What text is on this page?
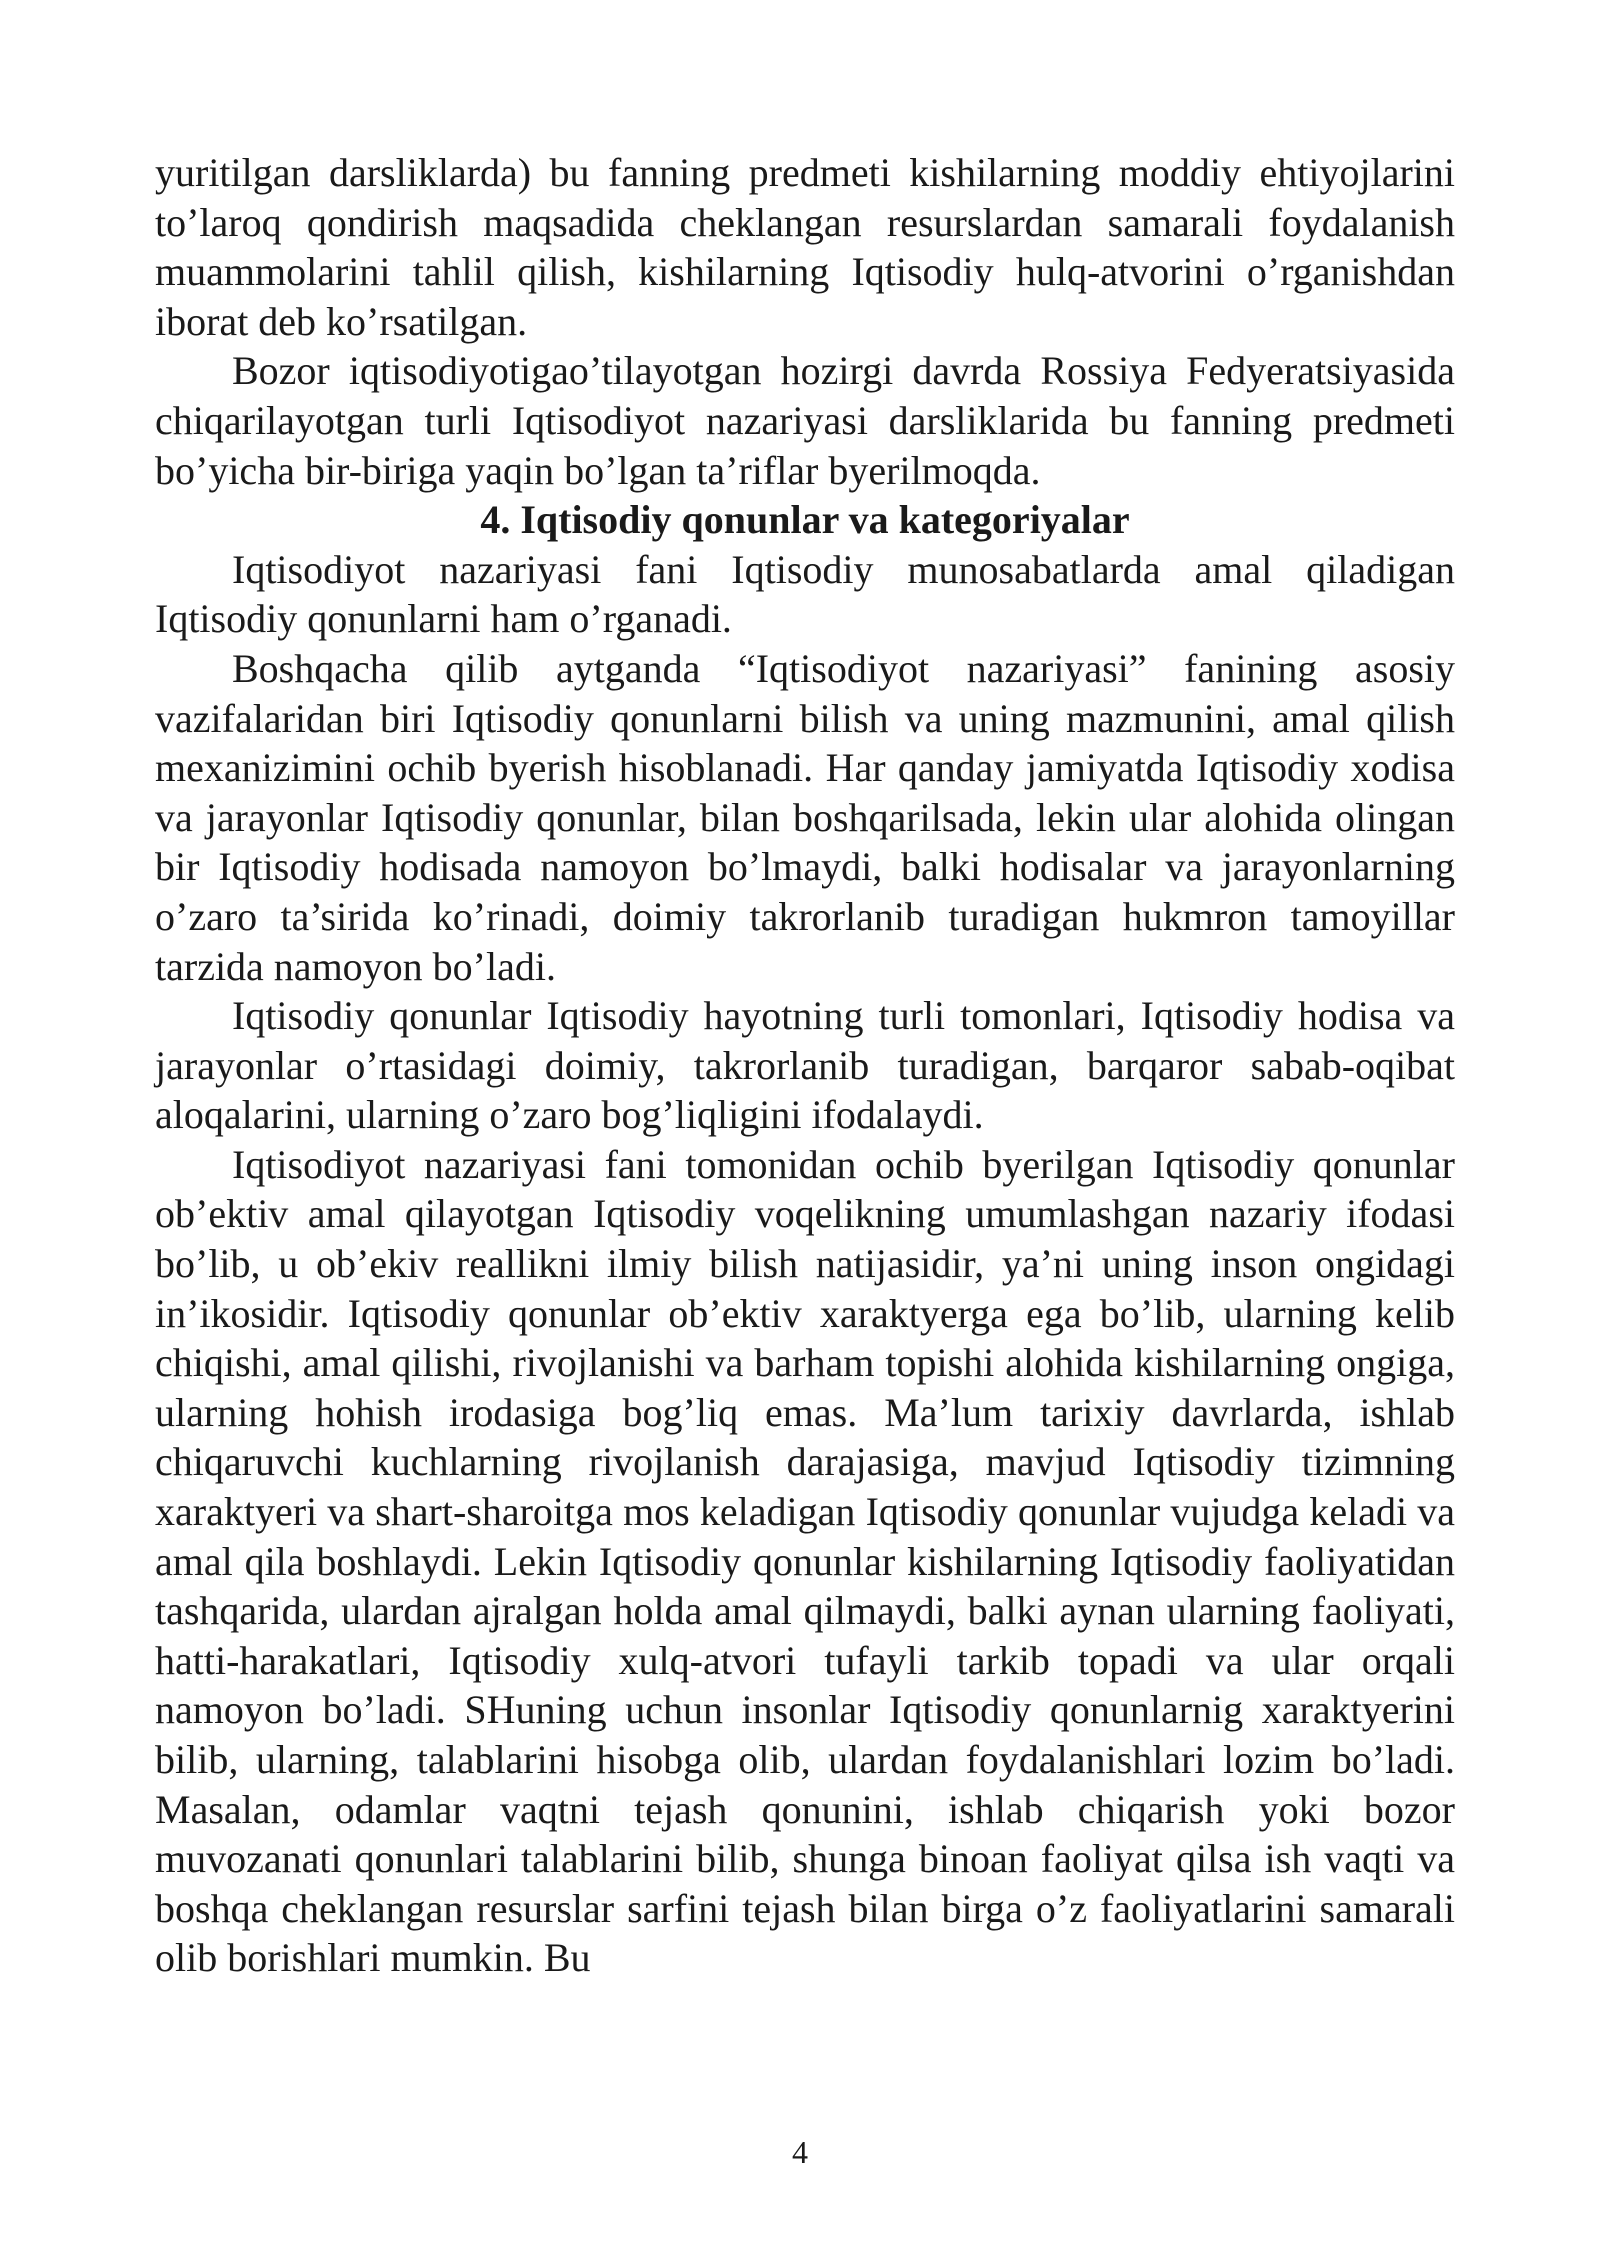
yuritilgan darsliklarda) bu fanning predmeti kishilarning moddiy ehtiyojlarini to’laroq qondirish maqsadida cheklangan resurslardan samarali foydalanish muammolarini tahlil qilish, kishilarning Iqtisodiy hulq-atvorini o’rganishdan iborat deb ko’rsatilgan.

Bozor iqtisodiyotigao’tilayotgan hozirgi davrda Rossiya Fedyeratsiyasida chiqarilayotgan turli Iqtisodiyot nazariyasi darsliklarida bu fanning predmeti bo’yicha bir-biriga yaqin bo’lgan ta’riflar byerilmoqda.

4. Iqtisodiy qonunlar va kategoriyalar

Iqtisodiyot nazariyasi fani Iqtisodiy munosabatlarda amal qiladigan Iqtisodiy qonunlarni ham o’rganadi.

Boshqacha qilib aytganda “Iqtisodiyot nazariyasi” fanining asosiy vazifalaridan biri Iqtisodiy qonunlarni bilish va uning mazmunini, amal qilish mexanizimini ochib byerish hisoblanadi. Har qanday jamiyatda Iqtisodiy xodisa va jarayonlar Iqtisodiy qonunlar, bilan boshqarilsada, lekin ular alohida olingan bir Iqtisodiy hodisada namoyon bo’lmaydi, balki hodisalar va jarayonlarning o’zaro ta’sirida ko’rinadi, doimiy takrorlanib turadigan hukmron tamoyillar tarzida namoyon bo’ladi.

Iqtisodiy qonunlar Iqtisodiy hayotning turli tomonlari, Iqtisodiy hodisa va jarayonlar o’rtasidagi doimiy, takrorlanib turadigan, barqaror sabab-oqibat aloqalarini, ularning o’zaro bog’liqligini ifodalaydi.

Iqtisodiyot nazariyasi fani tomonidan ochib byerilgan Iqtisodiy qonunlar ob’ektiv amal qilayotgan Iqtisodiy voqelikning umumlashgan nazariy ifodasi bo’lib, u ob’ekiv reallikni ilmiy bilish natijasidir, ya’ni uning inson ongidagi in’ikosidir. Iqtisodiy qonunlar ob’ektiv xaraktyerga ega bo’lib, ularning kelib chiqishi, amal qilishi, rivojlanishi va barham topishi alohida kishilarning ongiga, ularning hohish irodasiga bog’liq emas. Ma’lum tarixiy davrlarda, ishlab chiqaruvchi kuchlarning rivojlanish darajasiga, mavjud Iqtisodiy tizimning xaraktyeri va shart-sharoitga mos keladigan Iqtisodiy qonunlar vujudga keladi va amal qila boshlaydi. Lekin Iqtisodiy qonunlar kishilarning Iqtisodiy faoliyatidan tashqarida, ulardan ajralgan holda amal qilmaydi, balki aynan ularning faoliyati, hatti-harakatlari, Iqtisodiy xulq-atvori tufayli tarkib topadi va ular orqali namoyon bo’ladi. SHuning uchun insonlar Iqtisodiy qonunlarnig xaraktyerini bilib, ularning, talablarini hisobga olib, ulardan foydalanishlari lozim bo’ladi. Masalan, odamlar vaqtni tejash qonunini, ishlab chiqarish yoki bozor muvozanati qonunlari talablarini bilib, shunga binoan faoliyat qilsa ish vaqti va boshqa cheklangan resurslar sarfini tejash bilan birga o’z faoliyatlarini samarali olib borishlari mumkin. Bu

4
